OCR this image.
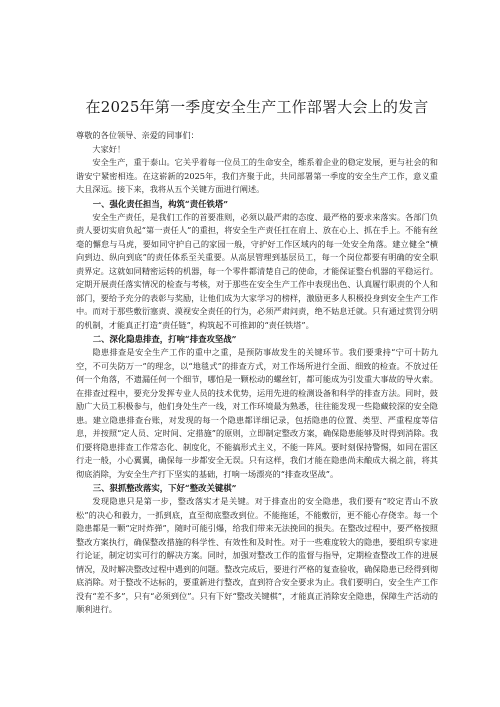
在2025年第一季度安全生产工作部署大会上的发言

尊敬的各位领导、亲爱的同事们：

大家好！

安全生产，重于泰山。它关乎着每一位员工的生命安全，维系着企业的稳定发展，更与社会的和谐安宁紧密相连。在这崭新的2025年，我们齐聚于此，共同部署第一季度的安全生产工作，意义重大且深远。接下来，我将从五个关键方面进行阐述。

一、强化责任担当，构筑“责任铁塔”

安全生产责任，是我们工作的首要准则，必须以最严肃的态度、最严格的要求来落实。各部门负责人要切实肩负起“第一责任人”的重担，将安全生产责任扛在肩上、放在心上、抓在手上。不能有丝毫的懈怠与马虎，要如同守护自己的家园一般，守护好工作区域内的每一处安全角落。建立健全“横向到边、纵向到底”的责任体系至关重要。从高层管理到基层员工，每一个岗位都要有明确的安全职责界定。这就如同精密运转的机器，每一个零件都清楚自己的使命，才能保证整台机器的平稳运行。定期开展责任落实情况的检查与考核，对于那些在安全生产工作中表现出色、认真履行职责的个人和部门，要给予充分的表彰与奖励，让他们成为大家学习的榜样，激励更多人积极投身到安全生产工作中。而对于那些敷衍塞责、漠视安全责任的行为，必须严肃问责，绝不姑息迁就。只有通过赏罚分明的机制，才能真正打造“责任链”，构筑起不可推卸的“责任铁塔”。

二、深化隐患排查，打响“排查攻坚战”

隐患排查是安全生产工作的重中之重，是预防事故发生的关键环节。我们要秉持“宁可十防九空，不可失防万一”的理念，以“地毯式”的排查方式，对工作场所进行全面、细致的检查。不放过任何一个角落，不遗漏任何一个细节，哪怕是一颗松动的螺丝钉，都可能成为引发重大事故的导火索。在排查过程中，要充分发挥专业人员的技术优势，运用先进的检测设备和科学的排查方法。同时，鼓励广大员工积极参与，他们身处生产一线，对工作环境最为熟悉，往往能发现一些隐藏较深的安全隐患。建立隐患排查台账，对发现的每一个隐患都详细记录，包括隐患的位置、类型、严重程度等信息，并按照“定人员、定时间、定措施”的原则，立即制定整改方案，确保隐患能够及时得到消除。我们要将隐患排查工作常态化、制度化，不能搞形式主义，不能一阵风。要时刻保持警惕，如同在雷区行走一般，小心翼翼，确保每一步都安全无误。只有这样，我们才能在隐患尚未酿成大祸之前，将其彻底消除，为安全生产打下坚实的基础，打响一场漂亮的“排查攻坚战”。

三、狠抓整改落实，下好“整改关键棋”

发现隐患只是第一步，整改落实才是关键。对于排查出的安全隐患，我们要有“咬定青山不放松”的决心和毅力，一抓到底，直至彻底整改到位。不能拖延，不能敷衍，更不能心存侥幸。每一个隐患都是一颗“定时炸弹”，随时可能引爆，给我们带来无法挽回的损失。在整改过程中，要严格按照整改方案执行，确保整改措施的科学性、有效性和及时性。对于一些难度较大的隐患，要组织专家进行论证，制定切实可行的解决方案。同时，加强对整改工作的监督与指导，定期检查整改工作的进展情况，及时解决整改过程中遇到的问题。整改完成后，要进行严格的复查验收，确保隐患已经得到彻底消除。对于整改不达标的，要重新进行整改，直到符合安全要求为止。我们要明白，安全生产工作没有“差不多”，只有“必须到位”。只有下好“整改关键棋”，才能真正消除安全隐患，保障生产活动的顺利进行。
